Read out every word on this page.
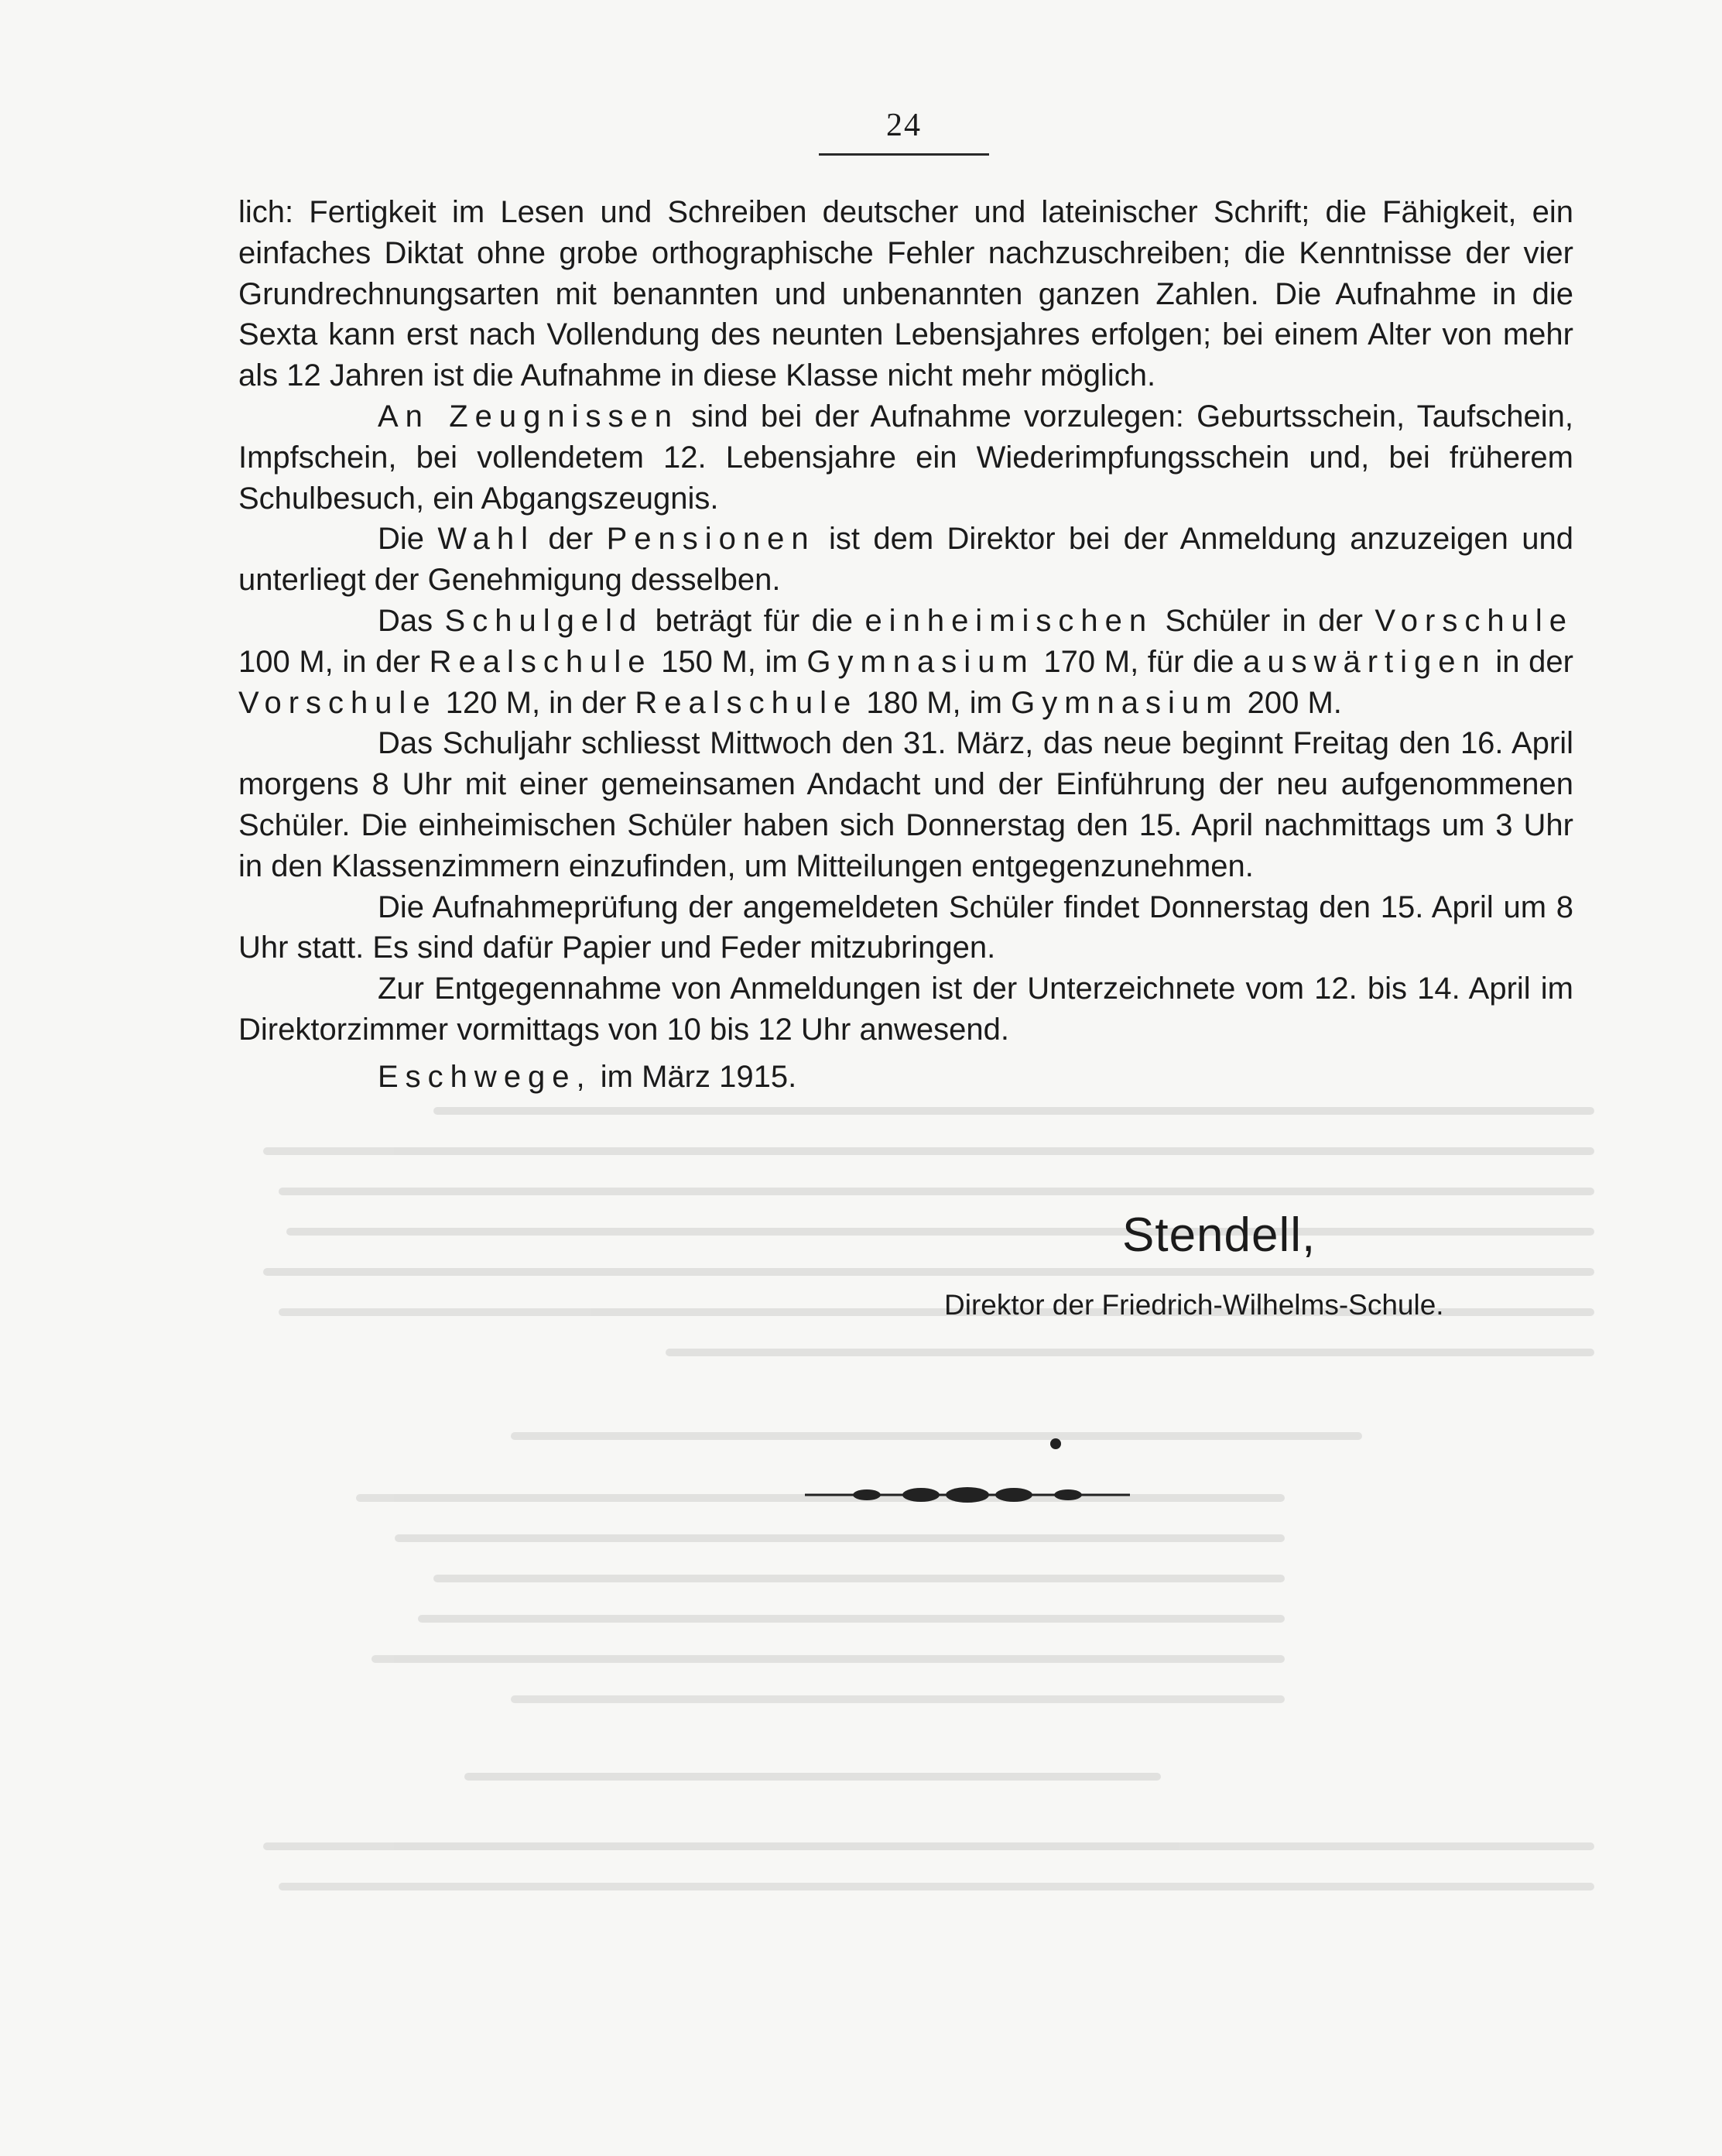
24

lich: Fertigkeit im Lesen und Schreiben deutscher und lateinischer Schrift; die Fähigkeit, ein einfaches Diktat ohne grobe orthographische Fehler nachzuschreiben; die Kenntnisse der vier Grundrechnungsarten mit benannten und unbenannten ganzen Zahlen. Die Aufnahme in die Sexta kann erst nach Vollendung des neunten Lebensjahres erfolgen; bei einem Alter von mehr als 12 Jahren ist die Aufnahme in diese Klasse nicht mehr möglich.

An Zeugnissen sind bei der Aufnahme vorzulegen: Geburtsschein, Taufschein, Impfschein, bei vollendetem 12. Lebensjahre ein Wiederimpfungsschein und, bei früherem Schulbesuch, ein Abgangszeugnis.

Die Wahl der Pensionen ist dem Direktor bei der Anmeldung anzuzeigen und unterliegt der Genehmigung desselben.

Das Schulgeld beträgt für die einheimischen Schüler in der Vorschule 100 M, in der Realschule 150 M, im Gymnasium 170 M, für die auswärtigen in der Vorschule 120 M, in der Realschule 180 M, im Gymnasium 200 M.

Das Schuljahr schliesst Mittwoch den 31. März, das neue beginnt Freitag den 16. April morgens 8 Uhr mit einer gemeinsamen Andacht und der Einführung der neu aufgenommenen Schüler. Die einheimischen Schüler haben sich Donnerstag den 15. April nachmittags um 3 Uhr in den Klassenzimmern einzufinden, um Mitteilungen entgegenzunehmen.

Die Aufnahmeprüfung der angemeldeten Schüler findet Donnerstag den 15. April um 8 Uhr statt. Es sind dafür Papier und Feder mitzubringen.

Zur Entgegennahme von Anmeldungen ist der Unterzeichnete vom 12. bis 14. April im Direktorzimmer vormittags von 10 bis 12 Uhr anwesend.

Eschwege, im März 1915.

Stendell,
Direktor der Friedrich-Wilhelms-Schule.
